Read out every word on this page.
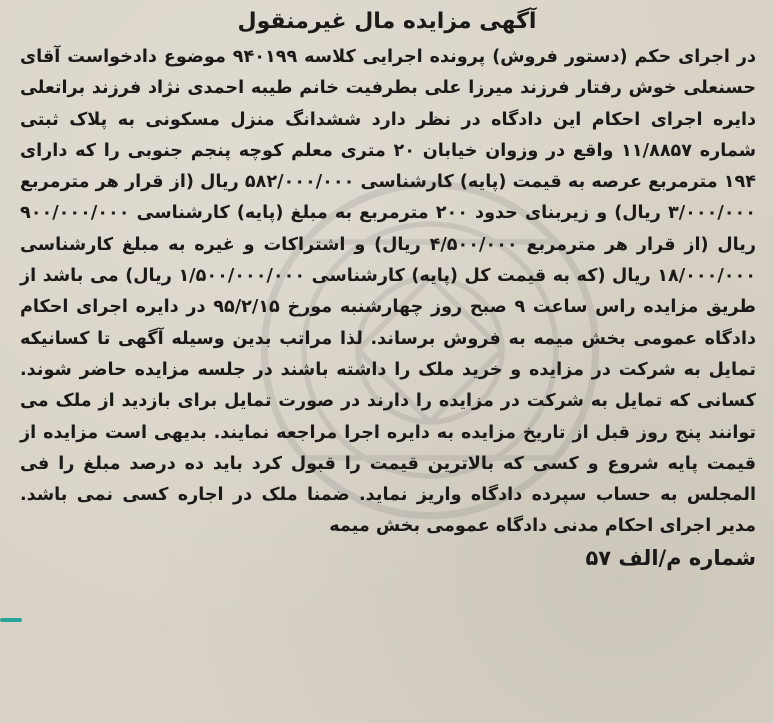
آگهی مزایده مال غیرمنقول

در اجرای حکم (دستور فروش) پرونده اجرایی کلاسه ۹۴۰۱۹۹ موضوع دادخواست آقای حسنعلی خوش رفتار فرزند میرزا علی بطرفیت خانم طیبه احمدی نژاد فرزند براتعلی دایره اجرای احکام این دادگاه در نظر دارد ششدانگ منزل مسکونی به پلاک ثبتی شماره ۱۱/۸۸۵۷ واقع در وزوان خیابان ۲۰ متری معلم کوچه پنجم جنوبی را که دارای ۱۹۴ مترمربع عرصه به قیمت (پایه) کارشناسی ۵۸۲/۰۰۰/۰۰۰ ریال (از قرار هر مترمربع ۳/۰۰۰/۰۰۰ ریال) و زیربنای حدود ۲۰۰ مترمربع به مبلغ (پایه) کارشناسی ۹۰۰/۰۰۰/۰۰۰ ریال (از قرار هر مترمربع ۴/۵۰۰/۰۰۰ ریال) و اشتراکات و غیره به مبلغ کارشناسی ۱۸/۰۰۰/۰۰۰ ریال (که به قیمت کل (پایه) کارشناسی ۱/۵۰۰/۰۰۰/۰۰۰ ریال) می باشد از طریق مزایده راس ساعت ۹ صبح روز چهارشنبه مورخ ۹۵/۲/۱۵ در دایره اجرای احکام دادگاه عمومی بخش میمه به فروش برساند. لذا مراتب بدین وسیله آگهی تا کسانیکه تمایل به شرکت در مزایده و خرید ملک را داشته باشند در جلسه مزایده حاضر شوند. کسانی که تمایل به شرکت در مزایده را دارند در صورت تمایل برای بازدید از ملک می توانند پنج روز قبل از تاریخ مزایده به دایره اجرا مراجعه نمایند. بدیهی است مزایده از قیمت پایه شروع و کسی که بالاترین قیمت را قبول کرد باید ده درصد مبلغ را فی المجلس به حساب سپرده دادگاه واریز نماید. ضمنا ملک در اجاره کسی نمی باشد. مدیر اجرای احکام مدنی دادگاه عمومی بخش میمه

شماره م/الف ۵۷
